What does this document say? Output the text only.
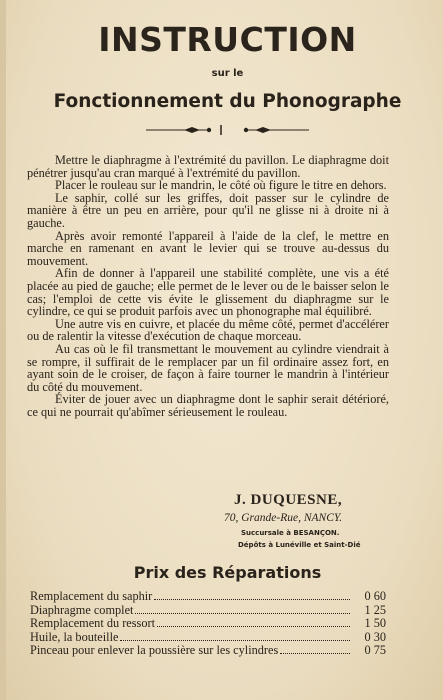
INSTRUCTION
sur le
Fonctionnement du Phonographe

Mettre le diaphragme à l'extrémité du pavillon. Le diaphragme doit pénétrer jusqu'au cran marqué à l'extrémité du pavillon.

Placer le rouleau sur le mandrin, le côté où figure le titre en dehors.

Le saphir, collé sur les griffes, doit passer sur le cylindre de manière à être un peu en arrière, pour qu'il ne glisse ni à droite ni à gauche.

Après avoir remonté l'appareil à l'aide de la clef, le mettre en marche en ramenant en avant le levier qui se trouve au-dessus du mouvement.

Afin de donner à l'appareil une stabilité complète, une vis a été placée au pied de gauche; elle permet de le lever ou de le baisser selon le cas; l'emploi de cette vis évite le glissement du diaphragme sur le cylindre, ce qui se produit parfois avec un phonographe mal équilibré.

Une autre vis en cuivre, et placée du même côté, permet d'accélérer ou de ralentir la vitesse d'exécution de chaque morceau.

Au cas où le fil transmettant le mouvement au cylindre viendrait à se rompre, il suffirait de le remplacer par un fil ordinaire assez fort, en ayant soin de le croiser, de façon à faire tourner le mandrin à l'intérieur du côté du mouvement.

Éviter de jouer avec un diaphragme dont le saphir serait détérioré, ce qui ne pourrait qu'abîmer sérieusement le rouleau.

J. DUQUESNE,
70, Grande-Rue, NANCY.
Succursale à BESANÇON.
Dépôts à Lunéville et Saint-Dié
Prix des Réparations
Remplacement du saphir	0 60
Diaphragme complet	1 25
Remplacement du ressort	1 50
Huile, la bouteille	0 30
Pinceau pour enlever la poussière sur les cylindres	0 75
